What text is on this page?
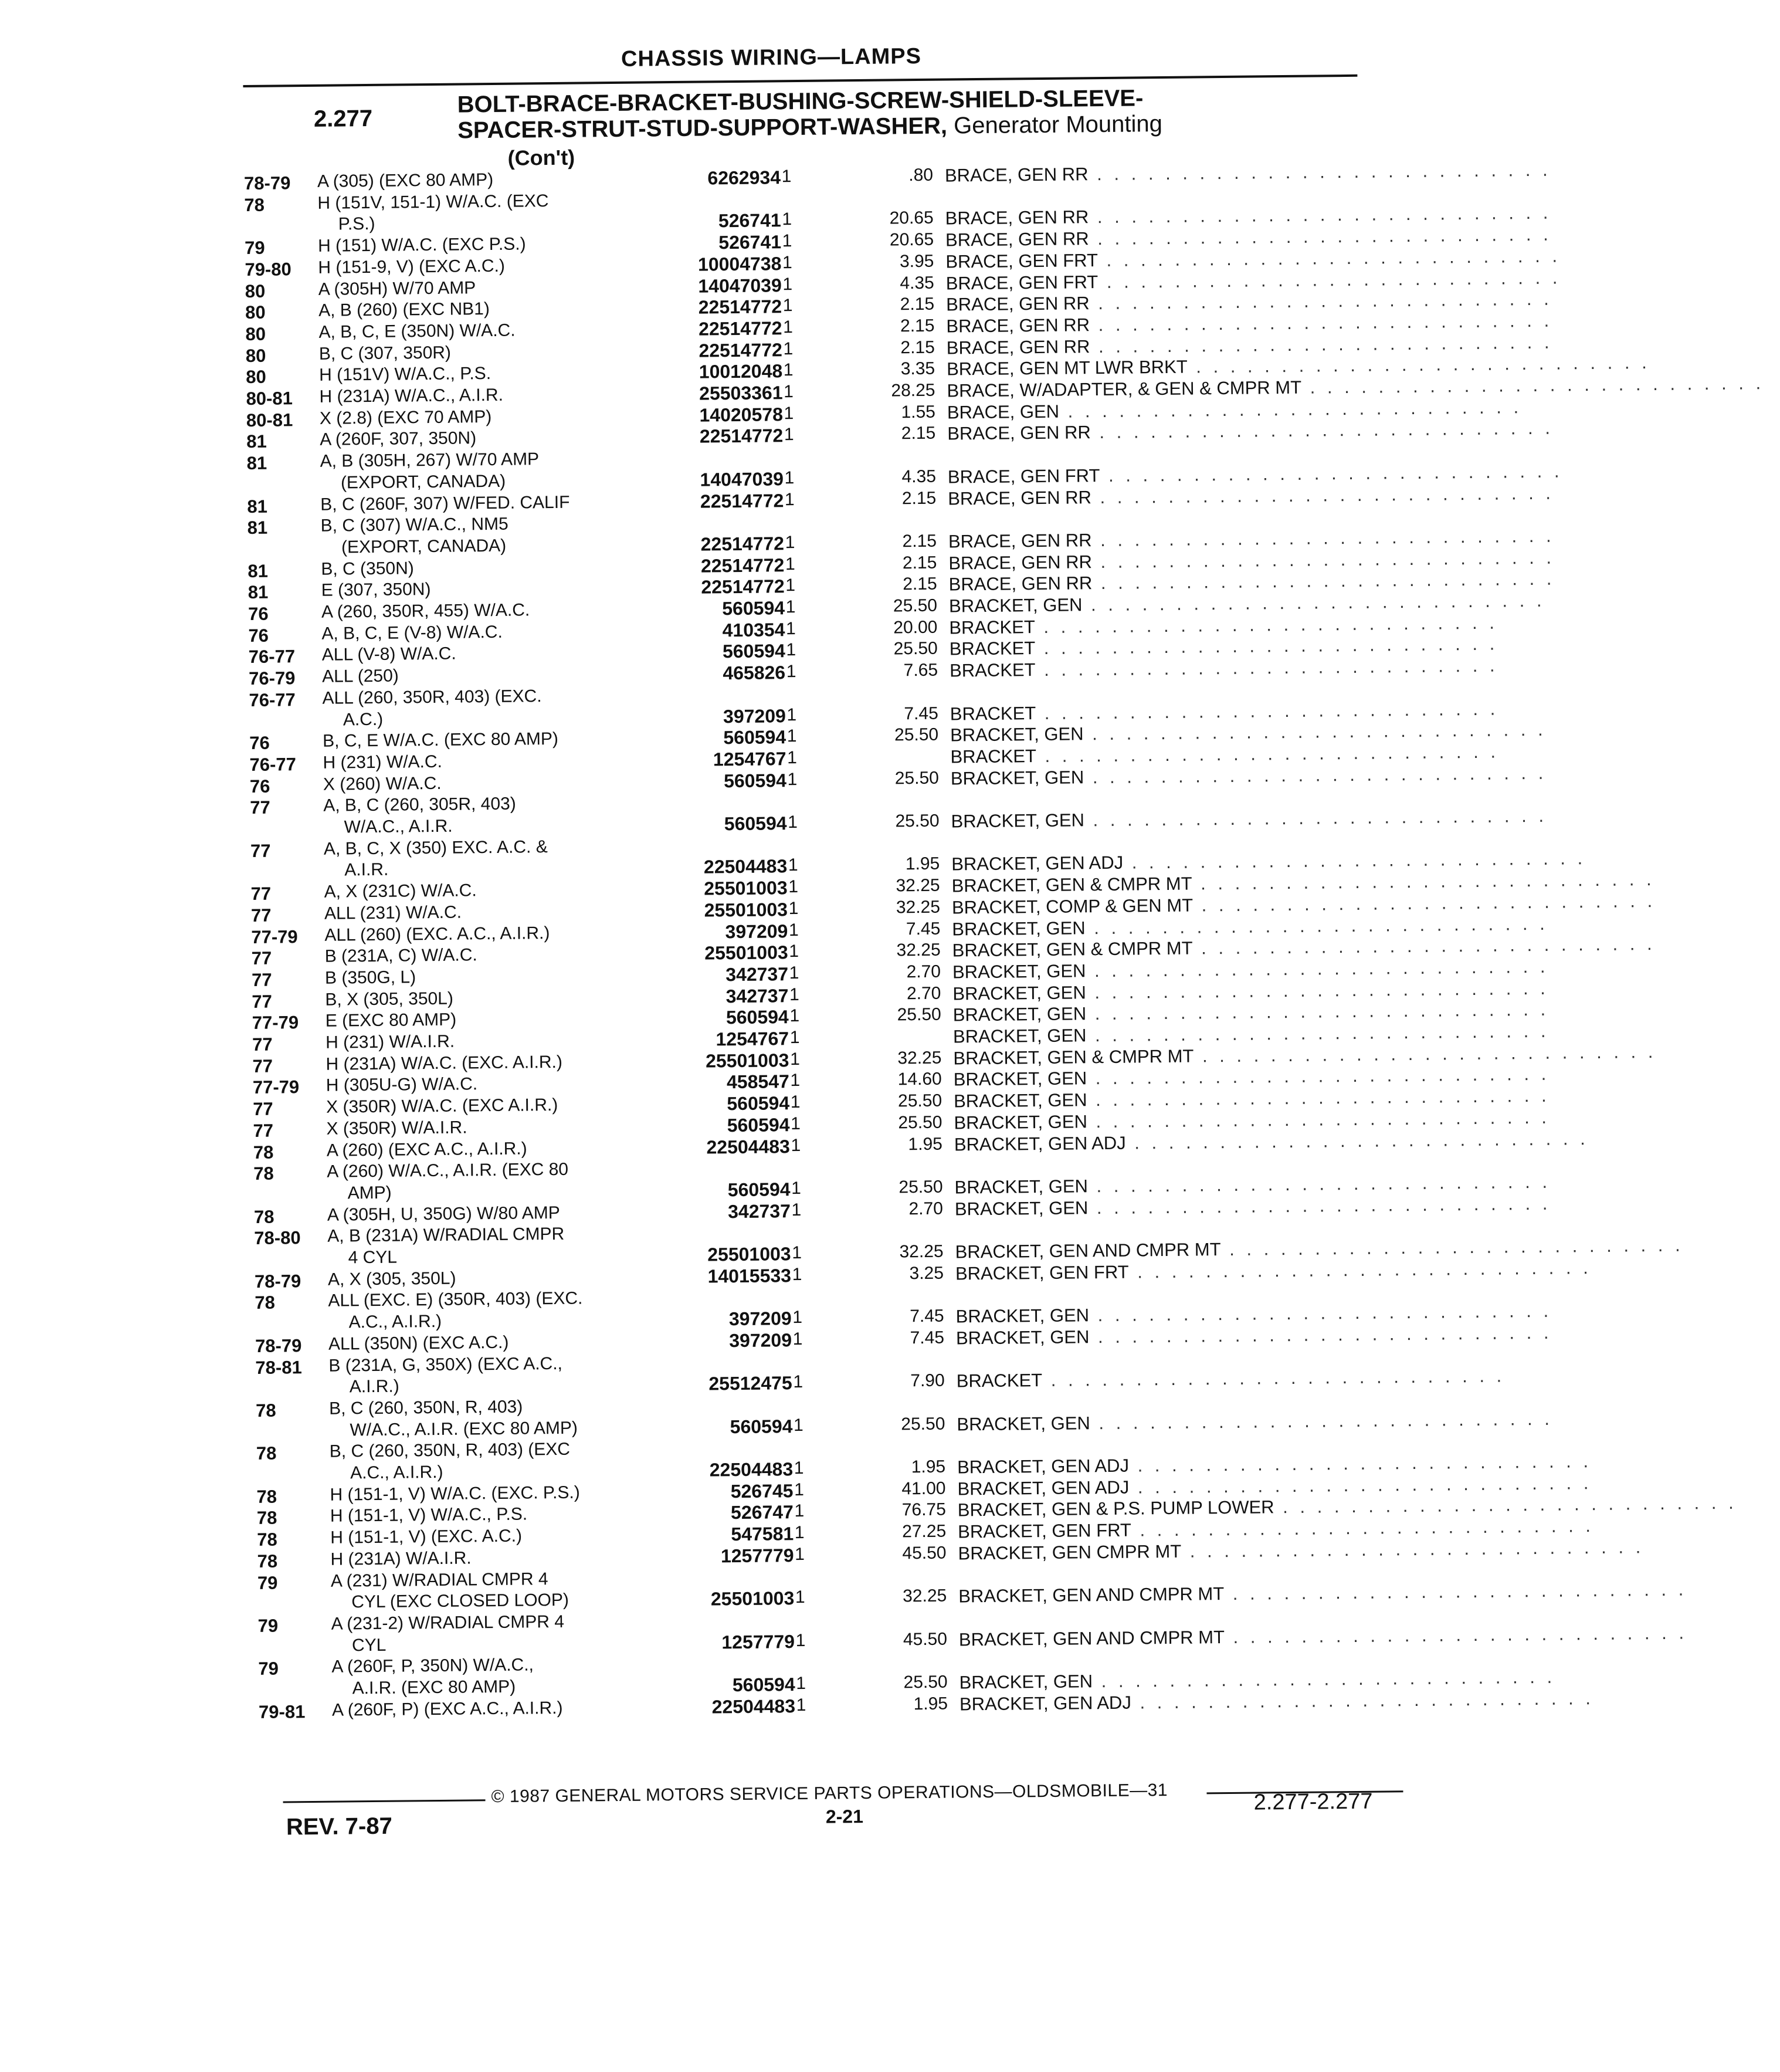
CHASSIS WIRING—LAMPS
2.277
BOLT-BRACE-BRACKET-BUSHING-SCREW-SHIELD-SLEEVE-
SPACER-STRUT-STUD-SUPPORT-WASHER, Generator Mounting
(Con't)
78-79 A (305) (EXC 80 AMP)	6262934 1	.80 BRACE, GEN RR . . . . . . . . . . . . . . . . . . . . . . . . . . .
78	H (151V, 151-1) W/A.C. (EXC
P.S.)	526741 1	20.65 BRACE, GEN RR . . . . . . . . . . . . . . . . . . . . . . . . . . .
79	H (151) W/A.C. (EXC P.S.)	526741 1	20.65 BRACE, GEN RR . . . . . . . . . . . . . . . . . . . . . . . . . . .
79-80 H (151-9, V) (EXC A.C.)	10004738 1	3.95 BRACE, GEN FRT . . . . . . . . . . . . . . . . . . . . . . . . . . .
80	A (305H) W/70 AMP	14047039 1	4.35 BRACE, GEN FRT . . . . . . . . . . . . . . . . . . . . . . . . . . .
80	A, B (260) (EXC NB1)	22514772 1	2.15 BRACE, GEN RR . . . . . . . . . . . . . . . . . . . . . . . . . . .
80	A, B, C, E (350N) W/A.C.	22514772 1	2.15 BRACE, GEN RR . . . . . . . . . . . . . . . . . . . . . . . . . . .
80	B, C (307, 350R)	22514772 1	2.15 BRACE, GEN RR . . . . . . . . . . . . . . . . . . . . . . . . . . .
80	H (151V) W/A.C., P.S.	10012048 1	3.35 BRACE, GEN MT LWR BRKT . . . . . . . . . . . . . . . . . . . . . . . . . . .
80-81 H (231A) W/A.C., A.I.R.	25503361 1	28.25 BRACE, W/ADAPTER, & GEN & CMPR MT . . . . . . . . . . . . . . . . . . . . . . . . . . .
80-81 X (2.8) (EXC 70 AMP)	14020578 1	1.55 BRACE, GEN . . . . . . . . . . . . . . . . . . . . . . . . . . .
81	A (260F, 307, 350N)	22514772 1	2.15 BRACE, GEN RR . . . . . . . . . . . . . . . . . . . . . . . . . . .
81	A, B (305H, 267) W/70 AMP
(EXPORT, CANADA)	14047039 1	4.35 BRACE, GEN FRT . . . . . . . . . . . . . . . . . . . . . . . . . . .
81	B, C (260F, 307) W/FED. CALIF	22514772 1	2.15 BRACE, GEN RR . . . . . . . . . . . . . . . . . . . . . . . . . . .
81	B, C (307) W/A.C., NM5
(EXPORT, CANADA)	22514772 1	2.15 BRACE, GEN RR . . . . . . . . . . . . . . . . . . . . . . . . . . .
81	B, C (350N)	22514772 1	2.15 BRACE, GEN RR . . . . . . . . . . . . . . . . . . . . . . . . . . .
81	E (307, 350N)	22514772 1	2.15 BRACE, GEN RR . . . . . . . . . . . . . . . . . . . . . . . . . . .
76	A (260, 350R, 455) W/A.C.	560594 1	25.50 BRACKET, GEN . . . . . . . . . . . . . . . . . . . . . . . . . . .
76	A, B, C, E (V-8) W/A.C.	410354 1	20.00 BRACKET . . . . . . . . . . . . . . . . . . . . . . . . . . .
76-77 ALL (V-8) W/A.C.	560594 1	25.50 BRACKET . . . . . . . . . . . . . . . . . . . . . . . . . . .
76-79 ALL (250)	465826 1	7.65 BRACKET . . . . . . . . . . . . . . . . . . . . . . . . . . .
76-77 ALL (260, 350R, 403) (EXC.
A.C.)	397209 1	7.45 BRACKET . . . . . . . . . . . . . . . . . . . . . . . . . . .
76	B, C, E W/A.C. (EXC 80 AMP)	560594 1	25.50 BRACKET, GEN . . . . . . . . . . . . . . . . . . . . . . . . . . .
76-77 H (231) W/A.C.	1254767 1	BRACKET . . . . . . . . . . . . . . . . . . . . . . . . . . .
76	X (260) W/A.C.	560594 1	25.50 BRACKET, GEN . . . . . . . . . . . . . . . . . . . . . . . . . . .
77	A, B, C (260, 305R, 403)
W/A.C., A.I.R.	560594 1	25.50 BRACKET, GEN . . . . . . . . . . . . . . . . . . . . . . . . . . .
77	A, B, C, X (350) EXC. A.C. &
A.I.R.	22504483 1	1.95 BRACKET, GEN ADJ . . . . . . . . . . . . . . . . . . . . . . . . . . .
77	A, X (231C) W/A.C.	25501003 1	32.25 BRACKET, GEN & CMPR MT . . . . . . . . . . . . . . . . . . . . . . . . . . .
77	ALL (231) W/A.C.	25501003 1	32.25 BRACKET, COMP & GEN MT . . . . . . . . . . . . . . . . . . . . . . . . . . .
77-79 ALL (260) (EXC. A.C., A.I.R.)	397209 1	7.45 BRACKET, GEN . . . . . . . . . . . . . . . . . . . . . . . . . . .
77	B (231A, C) W/A.C.	25501003 1	32.25 BRACKET, GEN & CMPR MT . . . . . . . . . . . . . . . . . . . . . . . . . . .
77	B (350G, L)	342737 1	2.70 BRACKET, GEN . . . . . . . . . . . . . . . . . . . . . . . . . . .
77	B, X (305, 350L)	342737 1	2.70 BRACKET, GEN . . . . . . . . . . . . . . . . . . . . . . . . . . .
77-79 E (EXC 80 AMP)	560594 1	25.50 BRACKET, GEN . . . . . . . . . . . . . . . . . . . . . . . . . . .
77	H (231) W/A.I.R.	1254767 1	BRACKET, GEN . . . . . . . . . . . . . . . . . . . . . . . . . . .
77	H (231A) W/A.C. (EXC. A.I.R.)	25501003 1	32.25 BRACKET, GEN & CMPR MT . . . . . . . . . . . . . . . . . . . . . . . . . . .
77-79 H (305U-G) W/A.C.	458547 1	14.60 BRACKET, GEN . . . . . . . . . . . . . . . . . . . . . . . . . . .
77	X (350R) W/A.C. (EXC A.I.R.)	560594 1	25.50 BRACKET, GEN . . . . . . . . . . . . . . . . . . . . . . . . . . .
77	X (350R) W/A.I.R.	560594 1	25.50 BRACKET, GEN . . . . . . . . . . . . . . . . . . . . . . . . . . .
78	A (260) (EXC A.C., A.I.R.)	22504483 1	1.95 BRACKET, GEN ADJ . . . . . . . . . . . . . . . . . . . . . . . . . . .
78	A (260) W/A.C., A.I.R. (EXC 80
AMP)	560594 1	25.50 BRACKET, GEN . . . . . . . . . . . . . . . . . . . . . . . . . . .
78	A (305H, U, 350G) W/80 AMP	342737 1	2.70 BRACKET, GEN . . . . . . . . . . . . . . . . . . . . . . . . . . .
78-80 A, B (231A) W/RADIAL CMPR
4 CYL	25501003 1	32.25 BRACKET, GEN AND CMPR MT . . . . . . . . . . . . . . . . . . . . . . . . . . .
78-79 A, X (305, 350L)	14015533 1	3.25 BRACKET, GEN FRT . . . . . . . . . . . . . . . . . . . . . . . . . . .
78	ALL (EXC. E) (350R, 403) (EXC.
A.C., A.I.R.)	397209 1	7.45 BRACKET, GEN . . . . . . . . . . . . . . . . . . . . . . . . . . .
78-79 ALL (350N) (EXC A.C.)	397209 1	7.45 BRACKET, GEN . . . . . . . . . . . . . . . . . . . . . . . . . . .
78-81 B (231A, G, 350X) (EXC A.C.,
A.I.R.)	25512475 1	7.90 BRACKET . . . . . . . . . . . . . . . . . . . . . . . . . . .
78	B, C (260, 350N, R, 403)
W/A.C., A.I.R. (EXC 80 AMP)	560594 1	25.50 BRACKET, GEN . . . . . . . . . . . . . . . . . . . . . . . . . . .
78	B, C (260, 350N, R, 403) (EXC
A.C., A.I.R.)	22504483 1	1.95 BRACKET, GEN ADJ . . . . . . . . . . . . . . . . . . . . . . . . . . .
78	H (151-1, V) W/A.C. (EXC. P.S.)	526745 1	41.00 BRACKET, GEN ADJ . . . . . . . . . . . . . . . . . . . . . . . . . . .
78	H (151-1, V) W/A.C., P.S.	526747 1	76.75 BRACKET, GEN & P.S. PUMP LOWER . . . . . . . . . . . . . . . . . . . . . . . . . . .
78	H (151-1, V) (EXC. A.C.)	547581 1	27.25 BRACKET, GEN FRT . . . . . . . . . . . . . . . . . . . . . . . . . . .
78	H (231A) W/A.I.R.	1257779 1	45.50 BRACKET, GEN CMPR MT . . . . . . . . . . . . . . . . . . . . . . . . . . .
79	A (231) W/RADIAL CMPR 4
CYL (EXC CLOSED LOOP)	25501003 1	32.25 BRACKET, GEN AND CMPR MT . . . . . . . . . . . . . . . . . . . . . . . . . . .
79	A (231-2) W/RADIAL CMPR 4
CYL	1257779 1	45.50 BRACKET, GEN AND CMPR MT . . . . . . . . . . . . . . . . . . . . . . . . . . .
79	A (260F, P, 350N) W/A.C.,
A.I.R. (EXC 80 AMP)	560594 1	25.50 BRACKET, GEN . . . . . . . . . . . . . . . . . . . . . . . . . . .
79-81 A (260F, P) (EXC A.C., A.I.R.)	22504483 1	1.95 BRACKET, GEN ADJ . . . . . . . . . . . . . . . . . . . . . . . . . . .
© 1987 GENERAL MOTORS SERVICE PARTS OPERATIONS—OLDSMOBILE—31
REV. 7-87	2-21
2.277-2.277
